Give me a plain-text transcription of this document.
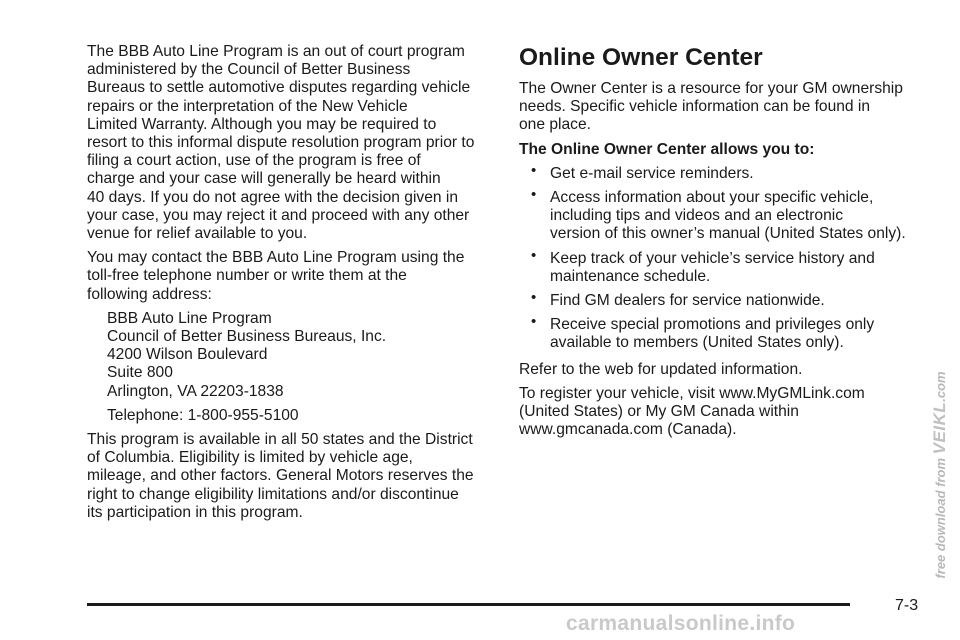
The BBB Auto Line Program is an out of court program
administered by the Council of Better Business
Bureaus to settle automotive disputes regarding vehicle
repairs or the interpretation of the New Vehicle
Limited Warranty. Although you may be required to
resort to this informal dispute resolution program prior to
filing a court action, use of the program is free of
charge and your case will generally be heard within
40 days. If you do not agree with the decision given in
your case, you may reject it and proceed with any other
venue for relief available to you.

You may contact the BBB Auto Line Program using the
toll-free telephone number or write them at the
following address:

BBB Auto Line Program
Council of Better Business Bureaus, Inc.
4200 Wilson Boulevard
Suite 800
Arlington, VA 22203-1838

Telephone: 1-800-955-5100

This program is available in all 50 states and the District
of Columbia. Eligibility is limited by vehicle age,
mileage, and other factors. General Motors reserves the
right to change eligibility limitations and/or discontinue
its participation in this program.

Online Owner Center

The Owner Center is a resource for your GM ownership
needs. Specific vehicle information can be found in
one place.

The Online Owner Center allows you to:

• Get e-mail service reminders.
• Access information about your specific vehicle,
including tips and videos and an electronic
version of this owner’s manual (United States only).
• Keep track of your vehicle’s service history and
maintenance schedule.
• Find GM dealers for service nationwide.
• Receive special promotions and privileges only
available to members (United States only).

Refer to the web for updated information.

To register your vehicle, visit www.MyGMLink.com
(United States) or My GM Canada within
www.gmcanada.com (Canada).

free download from VEIKL.com
7-3
carmanualsonline.info
